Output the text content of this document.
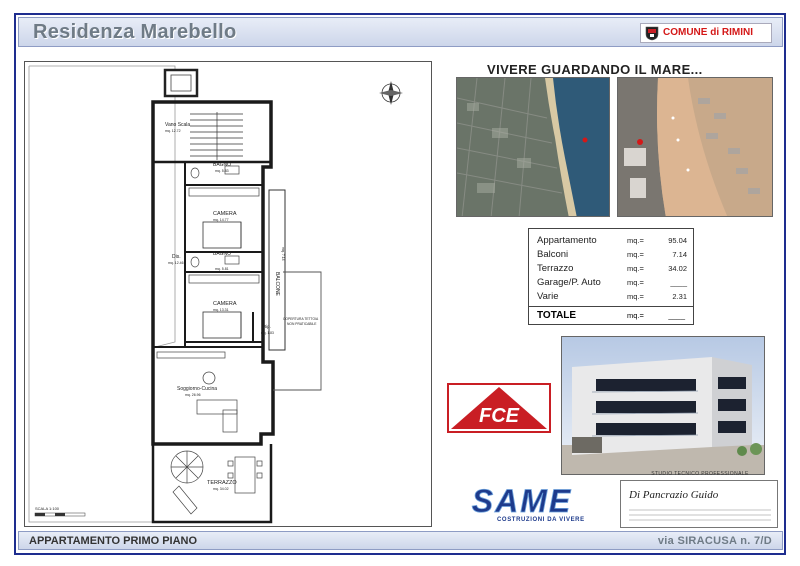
Residenza Marebello	COMUNE di RIMINI
Vano Scala
mq. 12.72
BAGNO
mq. 5.83
CAMERA
mq. 14.77
Dis.
mq. 12.46
BAGNO
mq. 5.81
CAMERA
mq. 13.31
Rip.
mq. 1.83
BALCONE
mq. 7.14
Soggiorno-Cucina
mq. 26.96
TERRAZZO
mq. 34.02
COPERTURA TETTOIA
NON PRATICABILE
SCALA 1:100
VIVERE GUARDANDO IL MARE...
Appartamento	mq.=	95.04
Balconi	mq.=	7.14
Terrazzo	mq.=	34.02
Garage/P. Auto	mq.=	____
Varie	mq.=	2.31
TOTALE	mq.=	____
FCE
SAME
COSTRUZIONI DA VIVERE
STUDIO TECNICO PROFESSIONALE
Di Pancrazio Guido
APPARTAMENTO PRIMO PIANO	via SIRACUSA n. 7/D
